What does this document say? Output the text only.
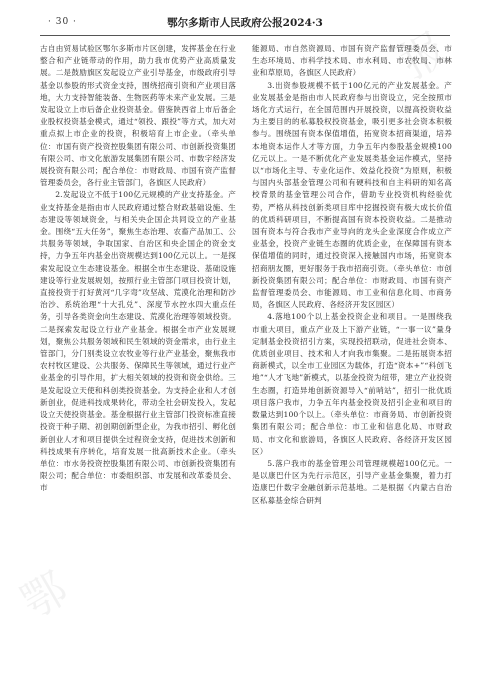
鄂
报
· 30 ·	鄂尔多斯市人民政府公报2024·3

古自由贸易试验区鄂尔多斯市片区创建，发挥基金在行业整合和产业链带动的作用，助力我市优势产业高质量发展。二是鼓励旗区发起设立产业引导基金，市级政府引导基金以参股的形式资金支持，围绕招商引资和产业项目落地，大力支持智能装备、生物医药等未来产业发展。三是发起设立上市后备企业投资基金。借鉴陕西省上市后备企业股权投资基金模式，通过“领投、跟投”等方式，加大对重点拟上市企业的投资，积极培育上市企业。（牵头单位：市国有资产投资控股集团有限公司、市创新投资集团有限公司、市文化旅游发展集团有限公司、市数字经济发展投资有限公司；配合单位：市财政局、市国有资产监督管理委员会，各行业主管部门，各旗区人民政府）

2.发起设立不低于100亿元规模的产业支持基金。产业支持基金是指由市人民政府通过整合财政基础设施、生态建设等领域资金，与相关央企国企共同设立的产业基金。围绕“五大任务”，聚焦生态治理、农畜产品加工、公共服务等领域，争取国家、自治区和央企国企的资金支持，力争五年内基金出资规模达到100亿元以上。一是探索发起设立生态建设基金。根据全市生态建设、基础设施建设等行业发展规划，按照行业主管部门项目投资计划，直接投资于打好黄河“几字弯”攻坚战、荒漠化治理和防沙治沙、系统治理“十大孔兑”、深度节水控水四大重点任务，引导各类资金向生态建设、荒漠化治理等领域投资。二是探索发起设立行业产业基金。根据全市产业发展规划，聚焦公共服务领域和民生领域的资金需求，由行业主管部门，分门别类设立农牧业等行业产业基金，聚焦我市农村牧区建设、公共服务、保障民生等领域，通过行业产业基金的引导作用，扩大相关领域的投资和资金供给。三是发起设立天使和科创类投资基金。为支持企业和人才创新创业，促进科技成果转化，带动全社会研发投入，发起设立天使投资基金。基金根据行业主管部门投资标准直接投资于种子期、初创期创新型企业，为我市招引、孵化创新创业人才和项目提供全过程资金支持，促进技术创新和科技成果有序转化，培育发展一批高新技术企业。（牵头单位：市水务投资控股集团有限公司、市创新投资集团有限公司；配合单位：市委组织部、市发展和改革委员会、市

能源局、市自然资源局、市国有资产监督管理委员会、市生态环境局、市科学技术局、市水利局、市农牧局、市林业和草原局，各旗区人民政府）

3.出资参股规模不低于100亿元的产业发展基金。产业发展基金是指由市人民政府参与出资设立，完全按照市场化方式运行，在全国范围内开展投资，以提高投资收益为主要目的的私募股权投资基金，吸引更多社会资本积极参与。围绕国有资本保值增值，拓宽资本招商渠道，培养本地资本运作人才等方面，力争五年内参股基金规模100亿元以上。一是不断优化产业发展类基金运作模式，坚持以“市场化主导、专业化运作、效益化投资”为原则，积极与国内头部基金管理公司和有硬科技和自主科研的知名高校背景的基金管理公司合作，借助专业投资机构经验优势，严格从科技创新类项目库中挖掘投资有极大成长价值的优质科研项目，不断提高国有资本投资收益。二是推动国有资本与符合我市产业导向的龙头企业深度合作成立产业基金，投资产业链生态圈的优质企业，在保障国有资本保值增值的同时，通过投资深入接触国内市场，拓宽资本招商朋友圈，更好服务于我市招商引资。（牵头单位：市创新投资集团有限公司；配合单位：市财政局、市国有资产监督管理委员会、市能源局、市工业和信息化局、市商务局，各旗区人民政府、各经济开发区园区）

4.落地100个以上基金投资企业和项目。一是围绕我市重大项目，重点产业及上下游产业链，“一事一议”量身定制基金投资招引方案，实现投招联动，促进社会资本、优质创业项目、技术和人才向我市集聚。二是拓展资本招商新模式，以全市工业园区为载体，打造“资本+”“科创飞地”“人才飞地”新模式，以基金投资为纽带，建立产业投资生态圈，打造异地创新资源导入“前哨站”，招引一批优质项目落户我市，力争五年内基金投资及招引企业和项目的数量达到100个以上。（牵头单位：市商务局、市创新投资集团有限公司；配合单位：市工业和信息化局、市财政局、市文化和旅游局，各旗区人民政府、各经济开发区园区）

5.落户我市的基金管理公司管理规模超100亿元。一是以康巴什区为先行示范区，引导产业基金集聚，着力打造康巴什数字金融创新示范基地。二是根据《内蒙古自治区私募基金综合研判
